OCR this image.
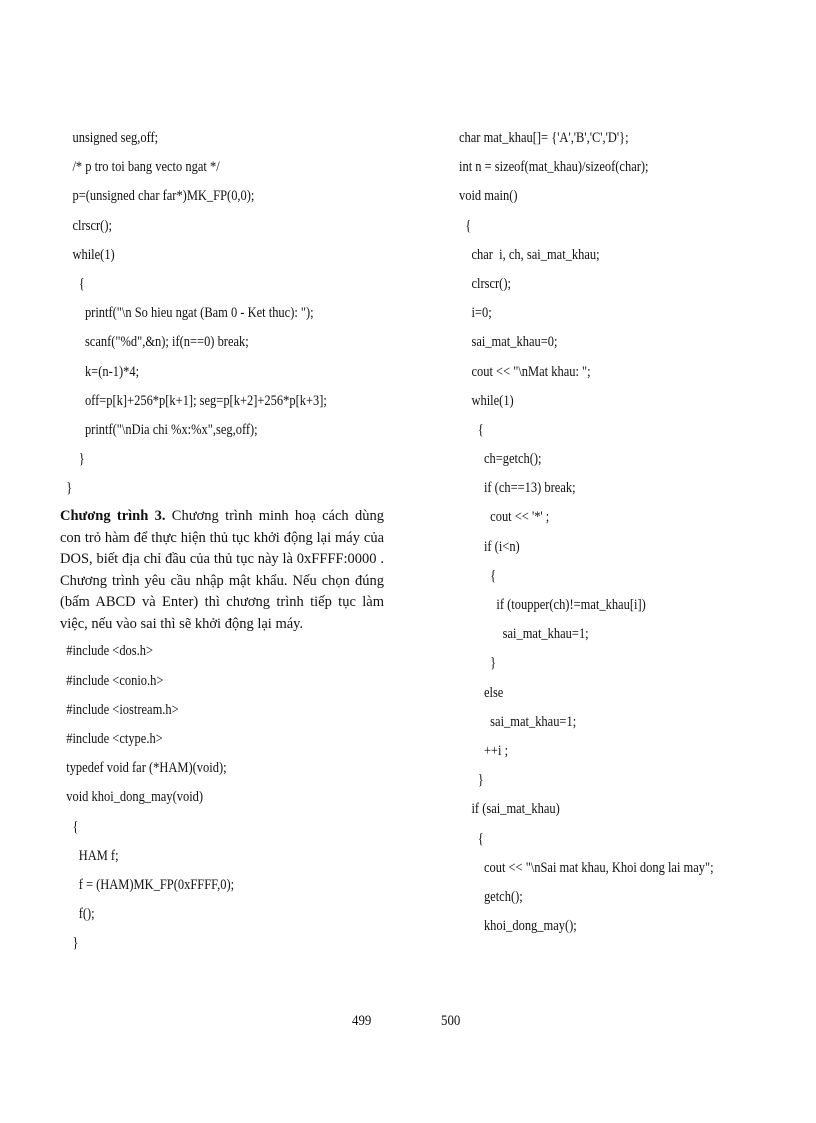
unsigned seg,off;
/* p tro toi bang vecto ngat */
p=(unsigned char far*)MK_FP(0,0);
clrscr();
while(1)
{
printf("\n So hieu ngat (Bam 0 - Ket thuc): ");
scanf("%d",&n); if(n==0) break;
k=(n-1)*4;
off=p[k]+256*p[k+1]; seg=p[k+2]+256*p[k+3];
printf("\nDia chi %x:%x",seg,off);
}
}

Chương trình 3. Chương trình minh hoạ cách dùng con trỏ hàm để thực hiện thủ tục khởi động lại máy của DOS, biết địa chỉ đầu của thủ tục này là 0xFFFF:0000 . Chương trình yêu cầu nhập mật khẩu. Nếu chọn đúng (bấm ABCD và Enter) thì chương trình tiếp tục làm việc, nếu vào sai thì sẽ khởi động lại máy.

#include <dos.h>
#include <conio.h>
#include <iostream.h>
#include <ctype.h>
typedef void far (*HAM)(void);
void khoi_dong_may(void)
{
HAM f;
f = (HAM)MK_FP(0xFFFF,0);
f();
}
char mat_khau[]= {'A','B','C','D'};
int n = sizeof(mat_khau)/sizeof(char);
void main()
{
char  i, ch, sai_mat_khau;
clrscr();
i=0;
sai_mat_khau=0;
cout << "\nMat khau: ";
while(1)
{
ch=getch();
if (ch==13) break;
cout << '*' ;
if (i<n)
{
if (toupper(ch)!=mat_khau[i])
sai_mat_khau=1;
}
else
sai_mat_khau=1;
++i ;
}
if (sai_mat_khau)
{
cout << "\nSai mat khau, Khoi dong lai may";
getch();
khoi_dong_may();
499	500
